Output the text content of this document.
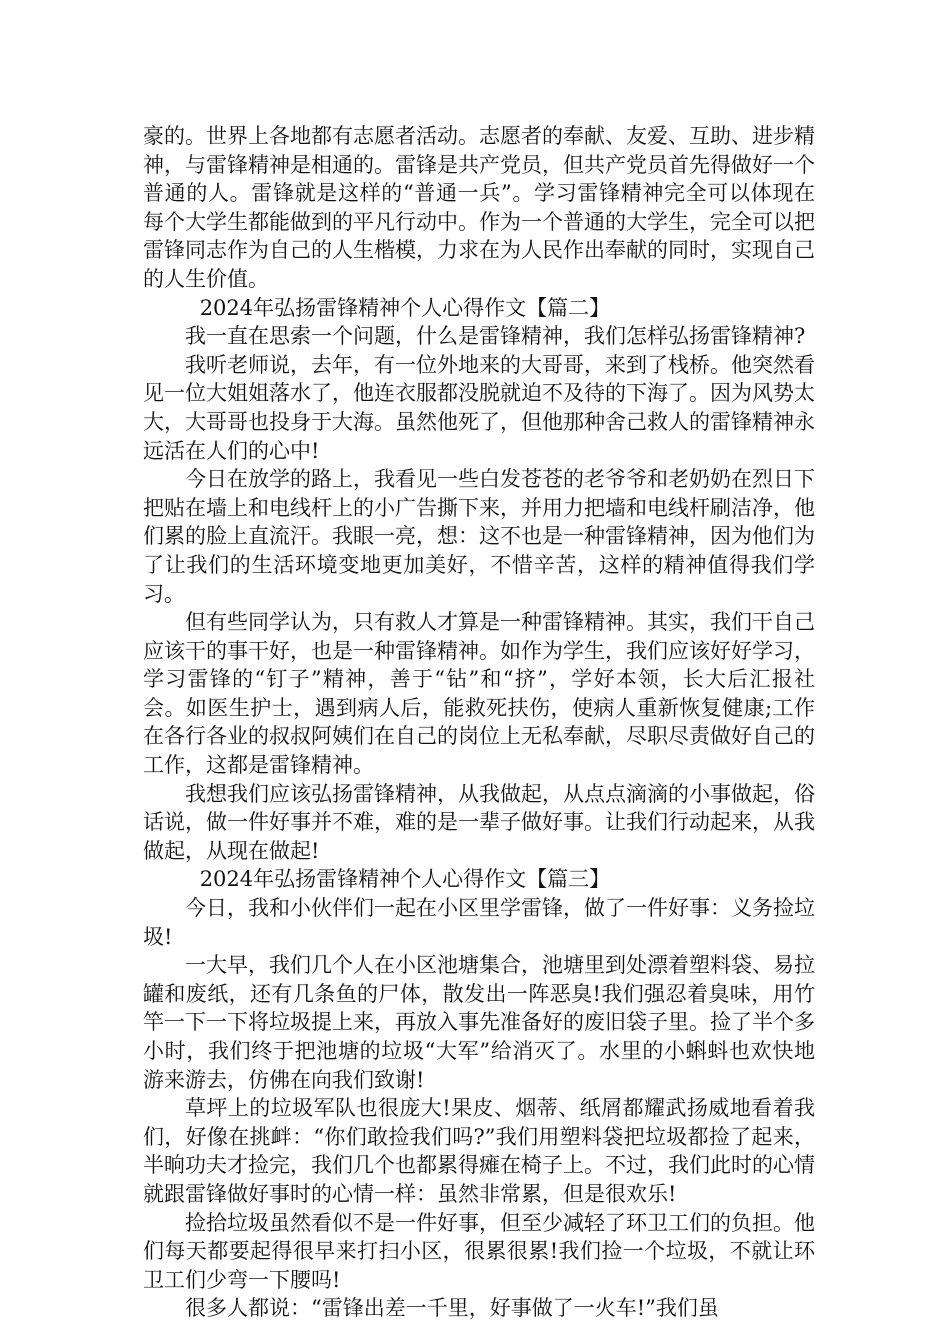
豪的。世界上各地都有志愿者活动。志愿者的奉献、友爱、互助、进步精神，与雷锋精神是相通的。雷锋是共产党员，但共产党员首先得做好一个普通的人。雷锋就是这样的“普通一兵”。学习雷锋精神完全可以体现在每个大学生都能做到的平凡行动中。作为一个普通的大学生，完全可以把雷锋同志作为自己的人生楷模，力求在为人民作出奉献的同时，实现自己的人生价值。

2024年弘扬雷锋精神个人心得作文【篇二】

我一直在思索一个问题，什么是雷锋精神，我们怎样弘扬雷锋精神?

我听老师说，去年，有一位外地来的大哥哥，来到了栈桥。他突然看见一位大姐姐落水了，他连衣服都没脱就迫不及待的下海了。因为风势太大，大哥哥也投身于大海。虽然他死了，但他那种舍己救人的雷锋精神永远活在人们的心中!

今日在放学的路上，我看见一些白发苍苍的老爷爷和老奶奶在烈日下把贴在墙上和电线杆上的小广告撕下来，并用力把墙和电线杆刷洁净，他们累的脸上直流汗。我眼一亮，想：这不也是一种雷锋精神，因为他们为了让我们的生活环境变地更加美好，不惜辛苦，这样的精神值得我们学习。

但有些同学认为，只有救人才算是一种雷锋精神。其实，我们干自己应该干的事干好，也是一种雷锋精神。如作为学生，我们应该好好学习，学习雷锋的“钉子”精神，善于“钻”和“挤”，学好本领，长大后汇报社会。如医生护士，遇到病人后，能救死扶伤，使病人重新恢复健康;工作在各行各业的叔叔阿姨们在自己的岗位上无私奉献，尽职尽责做好自己的工作，这都是雷锋精神。

我想我们应该弘扬雷锋精神，从我做起，从点点滴滴的小事做起，俗话说，做一件好事并不难，难的是一辈子做好事。让我们行动起来，从我做起，从现在做起!

2024年弘扬雷锋精神个人心得作文【篇三】

今日，我和小伙伴们一起在小区里学雷锋，做了一件好事：义务捡垃圾!

一大早，我们几个人在小区池塘集合，池塘里到处漂着塑料袋、易拉罐和废纸，还有几条鱼的尸体，散发出一阵恶臭!我们强忍着臭味，用竹竿一下一下将垃圾提上来，再放入事先准备好的废旧袋子里。捡了半个多小时，我们终于把池塘的垃圾“大军”给消灭了。水里的小蝌蚪也欢快地游来游去，仿佛在向我们致谢!

草坪上的垃圾军队也很庞大!果皮、烟蒂、纸屑都耀武扬威地看着我们，好像在挑衅：“你们敢捡我们吗?”我们用塑料袋把垃圾都捡了起来，半晌功夫才捡完，我们几个也都累得瘫在椅子上。不过，我们此时的心情就跟雷锋做好事时的心情一样：虽然非常累，但是很欢乐!

捡拾垃圾虽然看似不是一件好事，但至少减轻了环卫工们的负担。他们每天都要起得很早来打扫小区，很累很累!我们捡一个垃圾，不就让环卫工们少弯一下腰吗!

很多人都说：“雷锋出差一千里，好事做了一火车!”我们虽
